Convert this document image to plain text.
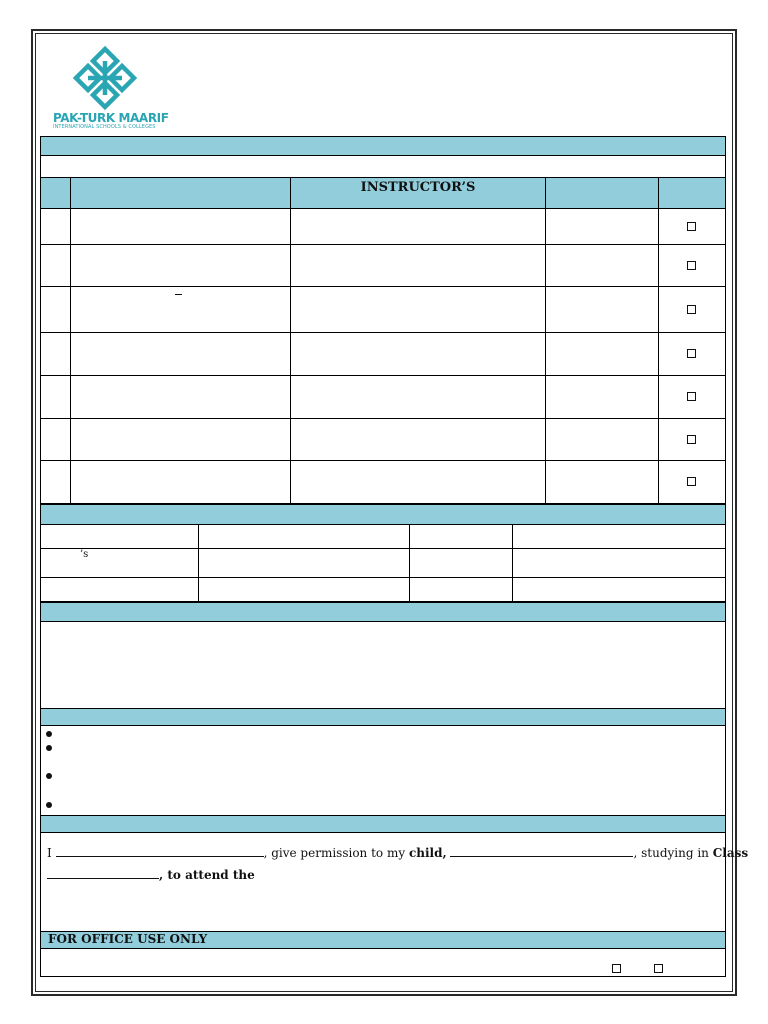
PAK-TURK MAARIF
INTERNATIONAL SCHOOLS & COLLEGES
INSTRUCTOR’S
’s
I	, give permission to my child,	, studying in Class
, to attend the
FOR OFFICE USE ONLY
